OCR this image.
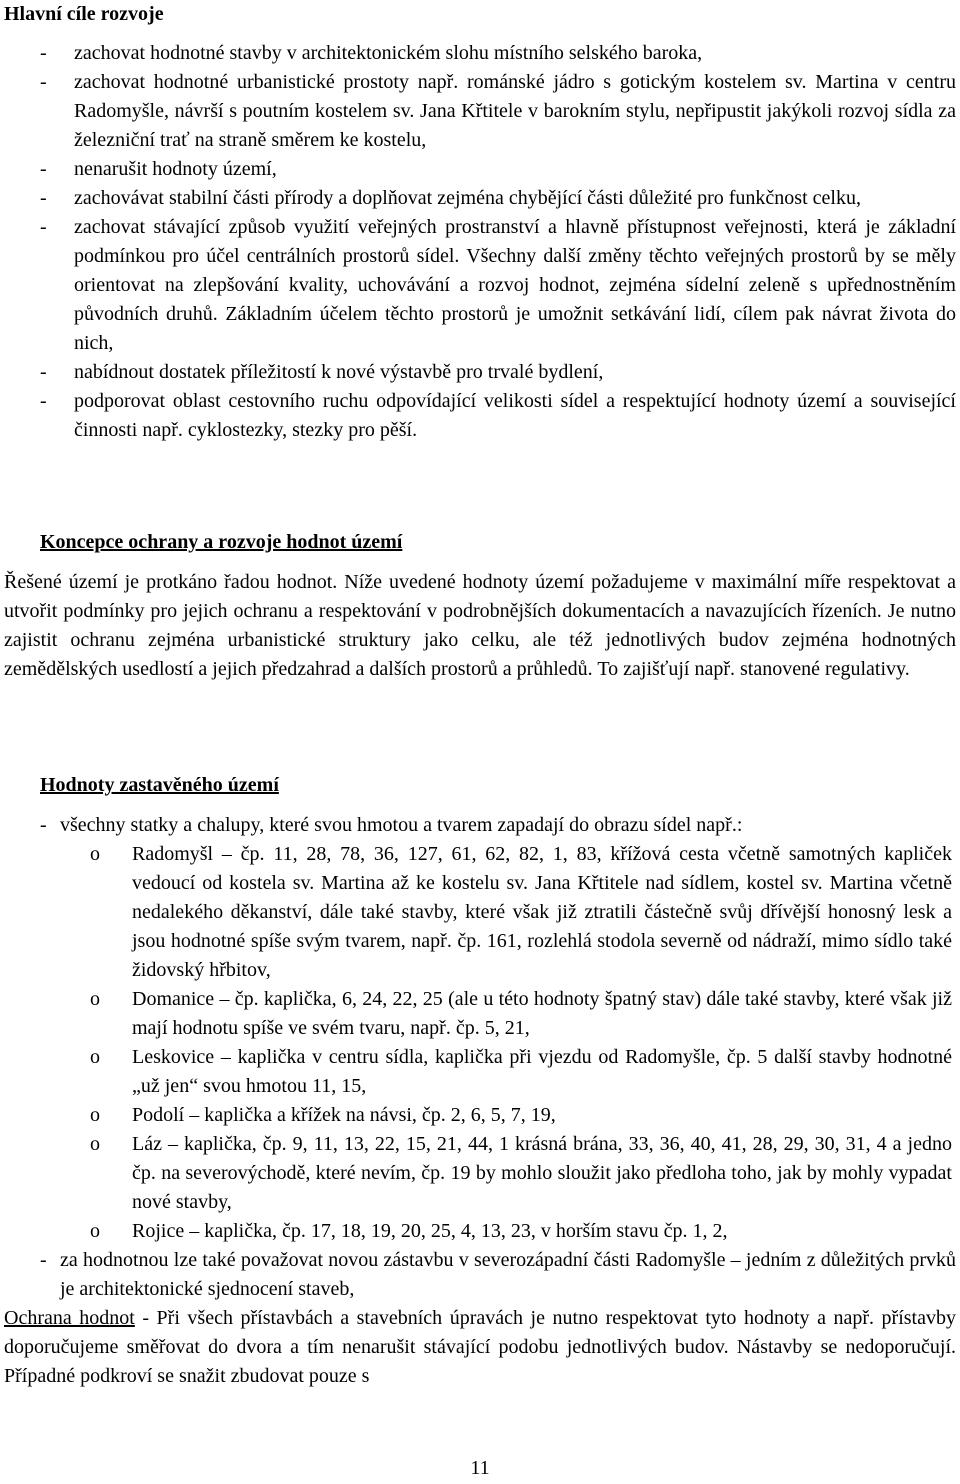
Hlavní cíle rozvoje
-	zachovat hodnotné stavby v architektonickém slohu místního selského baroka,
-	zachovat hodnotné urbanistické prostoty např. románské jádro s gotickým kostelem sv. Martina v centru Radomyšle, návrší s poutním kostelem sv. Jana Křtitele v barokním stylu, nepřipustit jakýkoli rozvoj sídla za železniční trať na straně směrem ke kostelu,
-	nenarušit hodnoty území,
-	zachovávat stabilní části přírody a doplňovat zejména chybějící části důležité pro funkčnost celku,
-	zachovat stávající způsob využití veřejných prostranství a hlavně přístupnost veřejnosti, která je základní podmínkou pro účel centrálních prostorů sídel. Všechny další změny těchto veřejných prostorů by se měly orientovat na zlepšování kvality, uchovávání a rozvoj hodnot, zejména sídelní zeleně s upřednostněním původních druhů. Základním účelem těchto prostorů je umožnit setkávání lidí, cílem pak návrat života do nich,
-	nabídnout dostatek příležitostí k nové výstavbě pro trvalé bydlení,
-	podporovat oblast cestovního ruchu odpovídající velikosti sídel a respektující hodnoty území a související činnosti např. cyklostezky, stezky pro pěší.
Koncepce ochrany a rozvoje hodnot území

Řešené území je protkáno řadou hodnot. Níže uvedené hodnoty území požadujeme v maximální míře respektovat a utvořit podmínky pro jejich ochranu a respektování v podrobnějších dokumentacích a navazujících řízeních. Je nutno zajistit ochranu zejména urbanistické struktury jako celku, ale též jednotlivých budov zejména hodnotných zemědělských usedlostí a jejich předzahrad a dalších prostorů a průhledů. To zajišťují např. stanovené regulativy.

Hodnoty zastavěného území
- všechny statky a chalupy, které svou hmotou a tvarem zapadají do obrazu sídel např.:
o	Radomyšl – čp. 11, 28, 78, 36, 127, 61, 62, 82, 1, 83, křížová cesta včetně samotných kapliček vedoucí od kostela sv. Martina až ke kostelu sv. Jana Křtitele nad sídlem, kostel sv. Martina včetně nedalekého děkanství, dále také stavby, které však již ztratili částečně svůj dřívější honosný lesk a jsou hodnotné spíše svým tvarem, např. čp. 161, rozlehlá stodola severně od nádraží, mimo sídlo také židovský hřbitov,
o	Domanice – čp. kaplička, 6, 24, 22, 25 (ale u této hodnoty špatný stav) dále také stavby, které však již mají hodnotu spíše ve svém tvaru, např. čp. 5, 21,
o	Leskovice – kaplička v centru sídla, kaplička při vjezdu od Radomyšle, čp. 5 další stavby hodnotné „už jen“ svou hmotou 11, 15,
o	Podolí – kaplička a křížek na návsi, čp. 2, 6, 5, 7, 19,
o	Láz – kaplička, čp. 9, 11, 13, 22, 15, 21, 44, 1 krásná brána, 33, 36, 40, 41, 28, 29, 30, 31, 4 a jedno čp. na severovýchodě, které nevím, čp. 19 by mohlo sloužit jako předloha toho, jak by mohly vypadat nové stavby,
o	Rojice – kaplička, čp. 17, 18, 19, 20, 25, 4, 13, 23, v horším stavu čp. 1, 2,
- za hodnotnou lze také považovat novou zástavbu v severozápadní části Radomyšle – jedním z důležitých prvků je architektonické sjednocení staveb,

Ochrana hodnot - Při všech přístavbách a stavebních úpravách je nutno respektovat tyto hodnoty a např. přístavby doporučujeme směřovat do dvora a tím nenarušit stávající podobu jednotlivých budov. Nástavby se nedoporučují. Případné podkroví se snažit zbudovat pouze s

11
